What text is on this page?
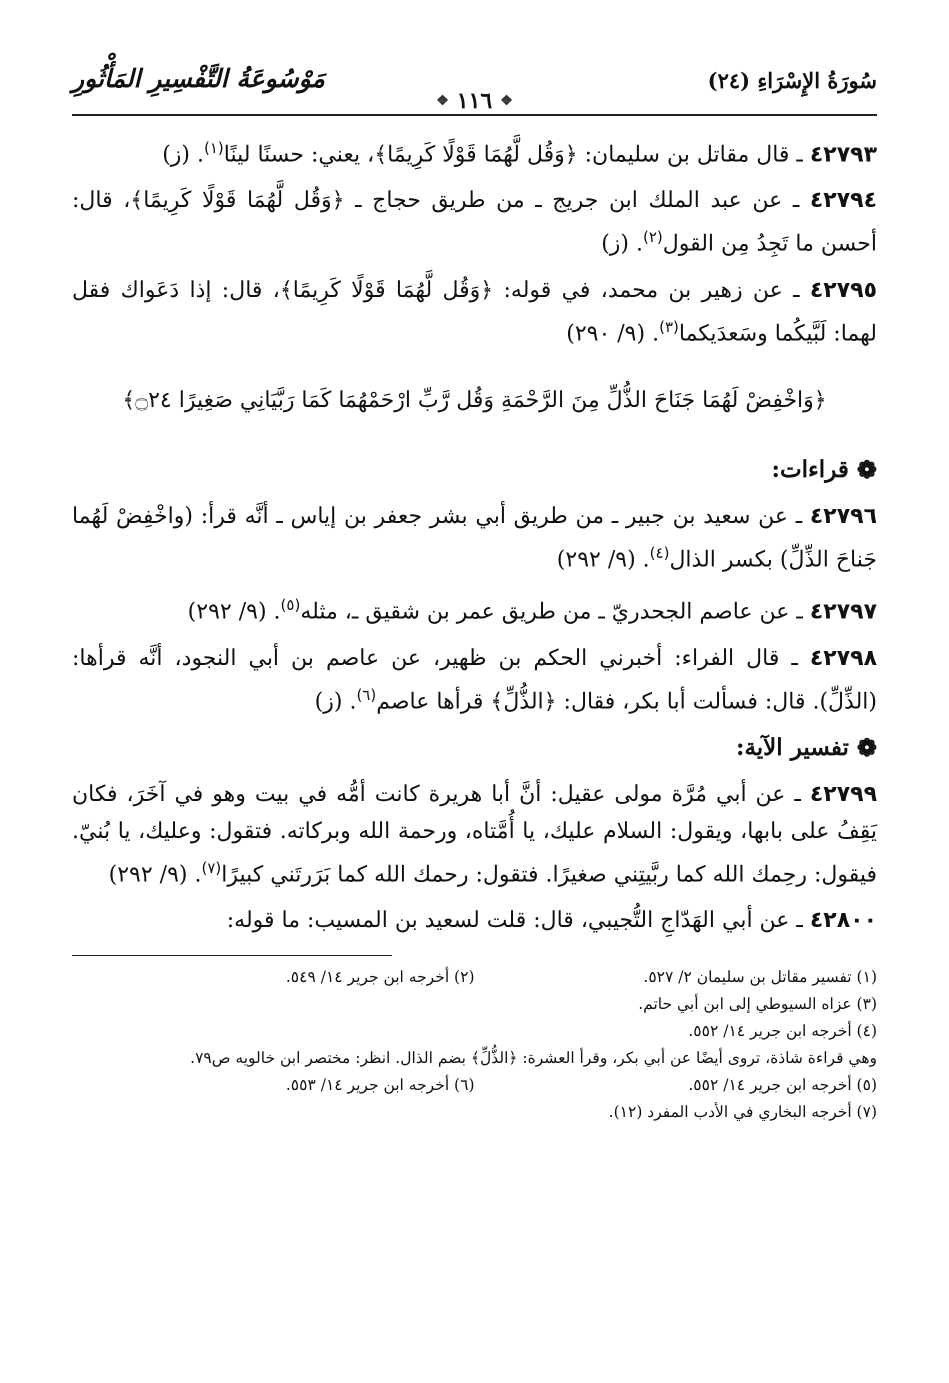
سُورَةُ الإِسْرَاءِ (٢٤)
مَوْسُوعَةُ التَّفْسِيرِ المَأْثُورِ
❖
١١٦
❖
٤٢٧٩٣ ـ قال مقاتل بن سليمان: ﴿وَقُل لَّهُمَا قَوْلًا كَرِيمًا﴾، يعني: حسنًا لينًا$^{(١)}$. (ز)
٤٢٧٩٤ ـ عن عبد الملك ابن جريج ـ من طريق حجاج ـ ﴿وَقُل لَّهُمَا قَوْلًا كَرِيمًا﴾، قال: أحسن ما تَجِدُ مِن القول$^{(٢)}$. (ز)
٤٢٧٩٥ ـ عن زهير بن محمد، في قوله: ﴿وَقُل لَّهُمَا قَوْلًا كَرِيمًا﴾، قال: إذا دَعَواك فقل لهما: لَبَّيكُما وسَعدَيكما$^{(٣)}$. (٩/ ٢٩٠)
﴿وَاخْفِضْ لَهُمَا جَنَاحَ الذُّلِّ مِنَ الرَّحْمَةِ وَقُل رَّبِّ ارْحَمْهُمَا كَمَا رَبَّيَانِي صَغِيرًا ۝٢٤﴾
❁
قراءات:
٤٢٧٩٦ ـ عن سعيد بن جبير ـ من طريق أبي بشر جعفر بن إياس ـ أنَّه قرأ: (واخْفِضْ لَهُما جَناحَ الذِّلِّ) بكسر الذال$^{(٤)}$. (٩/ ٢٩٢)
٤٢٧٩٧ ـ عن عاصم الجحدريّ ـ من طريق عمر بن شقيق ـ، مثله$^{(٥)}$. (٩/ ٢٩٢)
٤٢٧٩٨ ـ قال الفراء: أخبرني الحكم بن ظهير، عن عاصم بن أبي النجود، أنَّه قرأها: (الذِّلِّ). قال: فسألت أبا بكر، فقال: ﴿الذُّلِّ﴾ قرأها عاصم$^{(٦)}$. (ز)
❁
تفسير الآية:
٤٢٧٩٩ ـ عن أبي مُرَّة مولى عقيل: أنَّ أبا هريرة كانت أمُّه في بيت وهو في آخَرَ، فكان يَقِفُ على بابها، ويقول: السلام عليك، يا أُمَّتاه، ورحمة الله وبركاته. فتقول: وعليك، يا بُنيّ. فيقول: رحِمك الله كما ربَّيتِني صغيرًا. فتقول: رحمك الله كما بَرَرتَني كبيرًا$^{(٧)}$. (٩/ ٢٩٢)
٤٢٨٠٠ ـ عن أبي الهَدّاجِ التُّجيبي، قال: قلت لسعيد بن المسيب: ما قوله:
(١) تفسير مقاتل بن سليمان ٢/ ٥٢٧.
(٢) أخرجه ابن جرير ١٤/ ٥٤٩.
(٣) عزاه السيوطي إلى ابن أبي حاتم.
(٤) أخرجه ابن جرير ١٤/ ٥٥٢.
وهي قراءة شاذة، تروى أيضًا عن أبي بكر، وقرأ العشرة: ﴿الذُّلِّ﴾ بضم الذال. انظر: مختصر ابن خالويه ص٧٩.
(٥) أخرجه ابن جرير ١٤/ ٥٥٢.
(٦) أخرجه ابن جرير ١٤/ ٥٥٣.
(٧) أخرجه البخاري في الأدب المفرد (١٢).
